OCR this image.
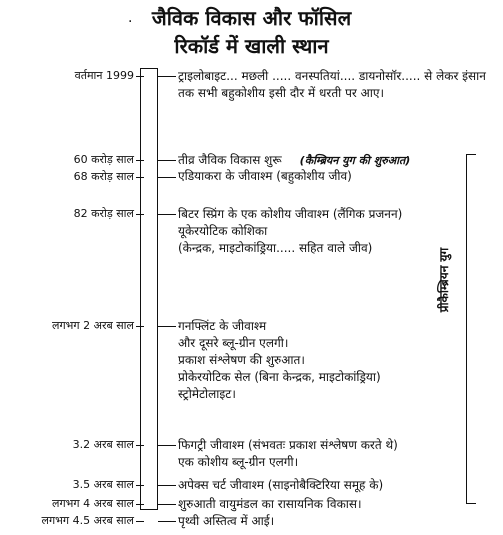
जैविक विकास और फॉसिल
रिकॉर्ड में खाली स्थान
·
प्रीकैम्ब्रियन युग
वर्तमान 1999	ट्राइलोबाइट... मछली ..... वनस्पतियां.... डायनोसॉर..... से लेकर इंसान तक सभी बहुकोशीय इसी दौर में धरती पर आए।
60 करोड़ साल	तीव्र जैविक विकास शुरू (कैम्ब्रियन युग की शुरुआत)
68 करोड़ साल	एडियाकरा के जीवाश्म (बहुकोशीय जीव)
82 करोड़ साल	बिटर स्प्रिंग के एक कोशीय जीवाश्म (लैंगिक प्रजनन)
यूकेरयोटिक कोशिका
(केन्द्रक, माइटोकांड्रिया..... सहित वाले जीव)
लगभग 2 अरब साल	गनफ्लिंट के जीवाश्म
और दूसरे ब्लू-ग्रीन एलगी।
प्रकाश संश्लेषण की शुरुआत।
प्रोकेरयोटिक सेल (बिना केन्द्रक, माइटोकांड्रिया)
स्ट्रोमेटोलाइट।
3.2 अरब साल	फिगट्री जीवाश्म (संभवतः प्रकाश संश्लेषण करते थे)
एक कोशीय ब्लू-ग्रीन एलगी।
3.5 अरब साल	अपेक्स चर्ट जीवाश्म (साइनोबैक्टिरिया समूह के)
लगभग 4 अरब साल	शुरुआती वायुमंडल का रासायनिक विकास।
लगभग 4.5 अरब साल	पृथ्वी अस्तित्व में आई।
